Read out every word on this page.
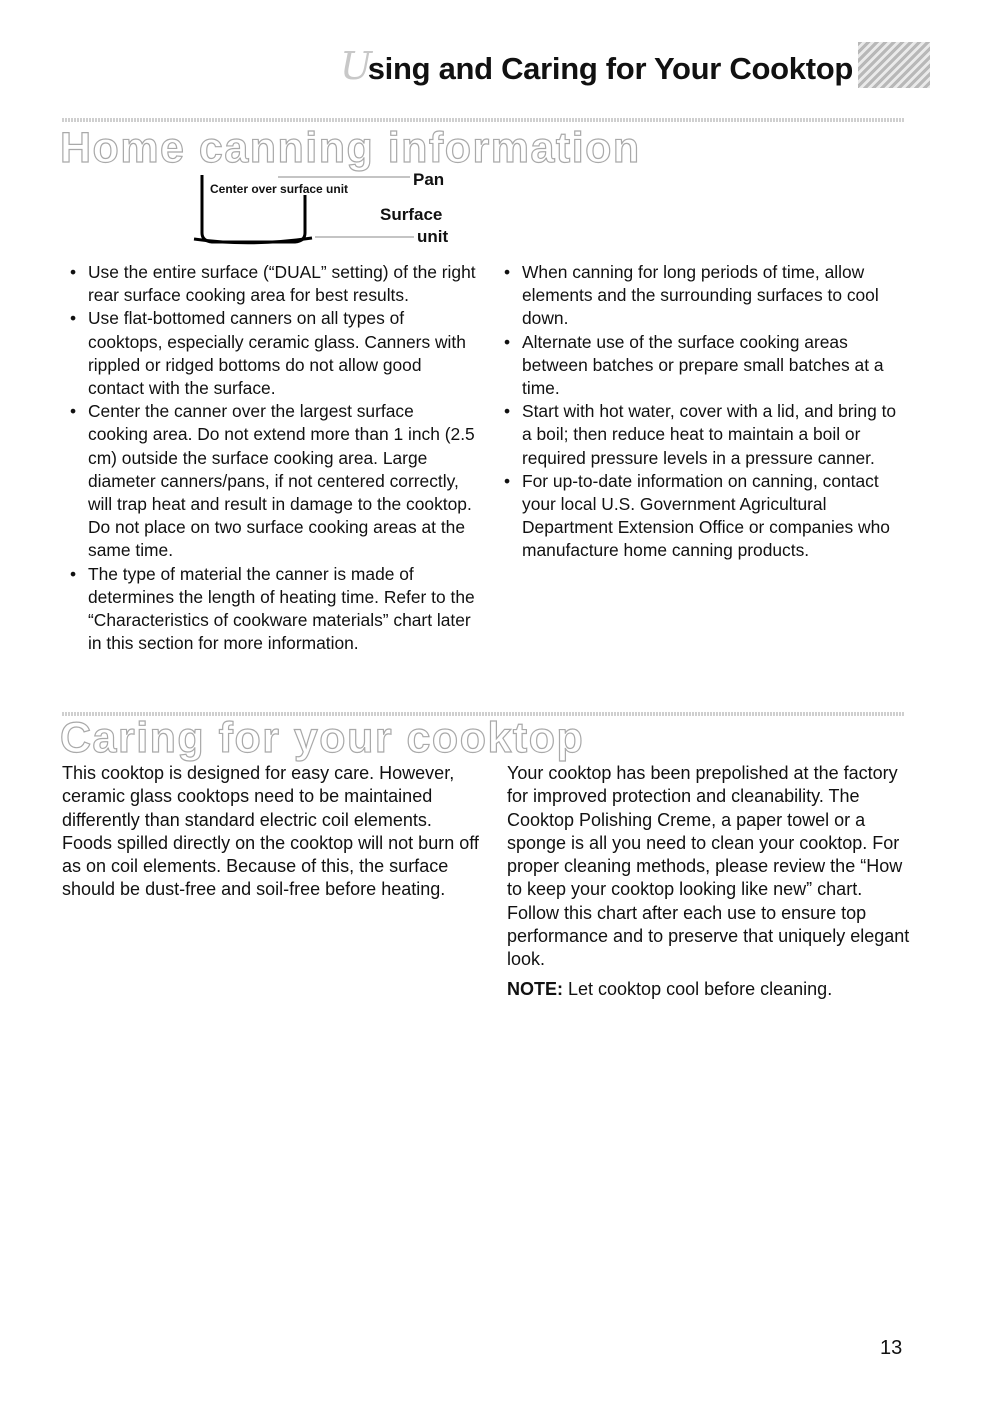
Using and Caring for Your Cooktop
Home canning information
Center over surface unit	Pan
Surface
unit
• Use the entire surface (“DUAL” setting) of the right rear surface cooking area for best results.
• Use flat-bottomed canners on all types of cooktops, especially ceramic glass. Canners with rippled or ridged bottoms do not allow good contact with the surface.
• Center the canner over the largest surface cooking area. Do not extend more than 1 inch (2.5 cm) outside the surface cooking area. Large diameter canners/pans, if not centered correctly, will trap heat and result in damage to the cooktop. Do not place on two surface cooking areas at the same time.
• The type of material the canner is made of determines the length of heating time. Refer to the “Characteristics of cookware materials” chart later in this section for more information.
• When canning for long periods of time, allow elements and the surrounding surfaces to cool down.
• Alternate use of the surface cooking areas between batches or prepare small batches at a time.
• Start with hot water, cover with a lid, and bring to a boil; then reduce heat to maintain a boil or required pressure levels in a pressure canner.
• For up-to-date information on canning, contact your local U.S. Government Agricultural Department Extension Office or companies who manufacture home canning products.
Caring for your cooktop

This cooktop is designed for easy care. However, ceramic glass cooktops need to be maintained differently than standard electric coil elements. Foods spilled directly on the cooktop will not burn off as on coil elements. Because of this, the surface should be dust-free and soil-free before heating.

Your cooktop has been prepolished at the factory for improved protection and cleanability. The Cooktop Polishing Creme, a paper towel or a sponge is all you need to clean your cooktop. For proper cleaning methods, please review the “How to keep your cooktop looking like new” chart. Follow this chart after each use to ensure top performance and to preserve that uniquely elegant look.

NOTE: Let cooktop cool before cleaning.

13
